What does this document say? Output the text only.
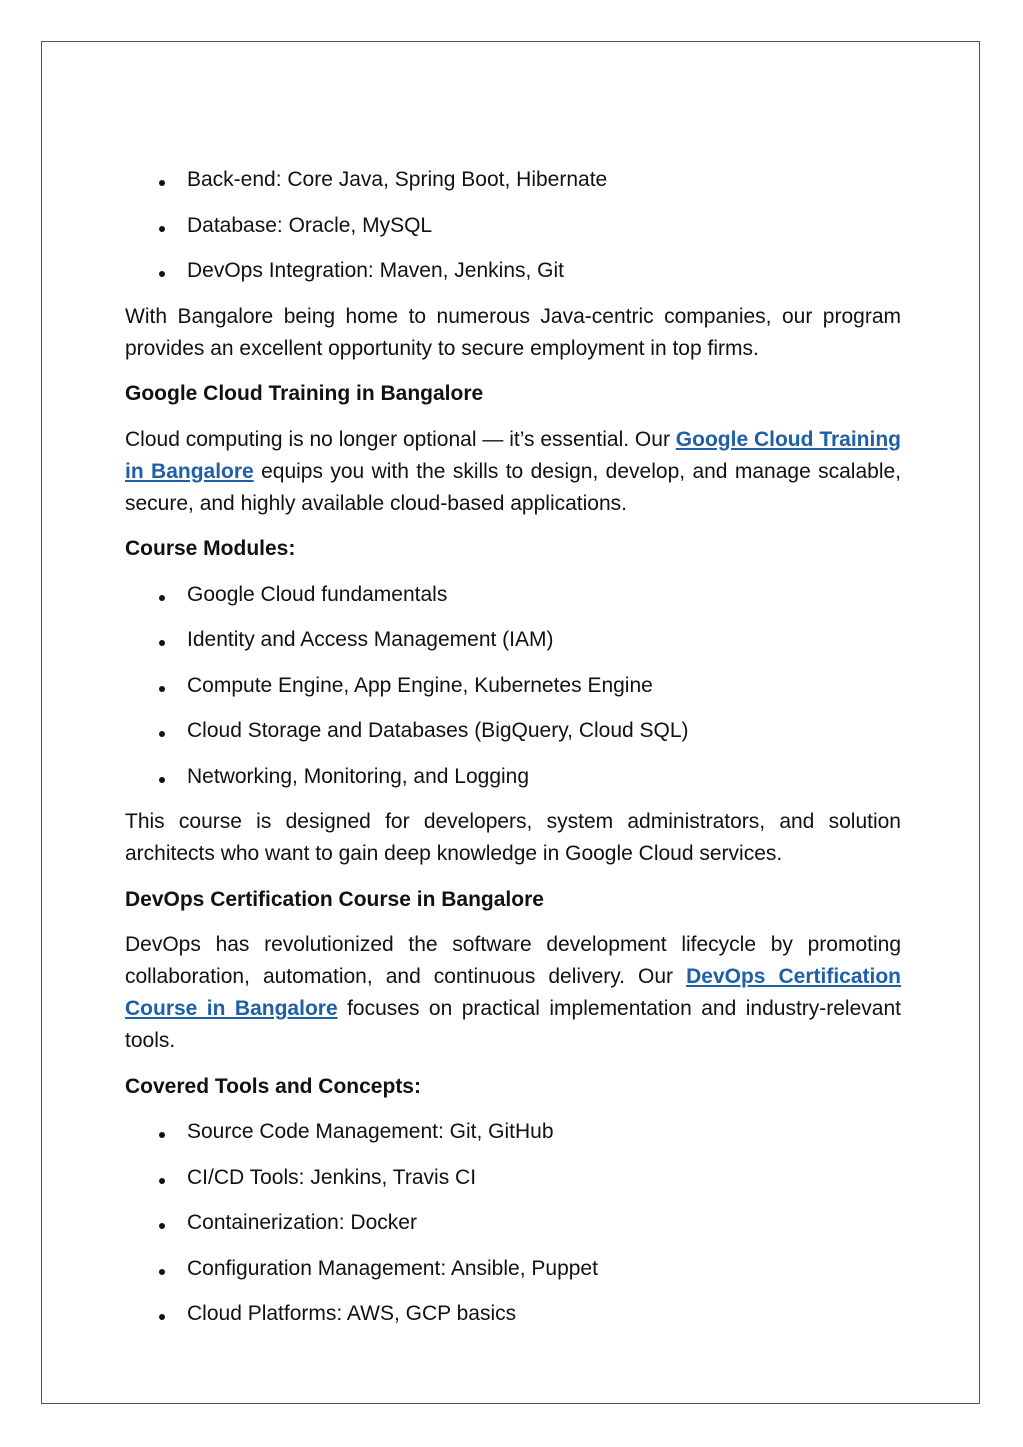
Back-end: Core Java, Spring Boot, Hibernate
Database: Oracle, MySQL
DevOps Integration: Maven, Jenkins, Git

With Bangalore being home to numerous Java-centric companies, our program provides an excellent opportunity to secure employment in top firms.

Google Cloud Training in Bangalore

Cloud computing is no longer optional — it’s essential. Our Google Cloud Training in Bangalore equips you with the skills to design, develop, and manage scalable, secure, and highly available cloud-based applications.

Course Modules:
Google Cloud fundamentals
Identity and Access Management (IAM)
Compute Engine, App Engine, Kubernetes Engine
Cloud Storage and Databases (BigQuery, Cloud SQL)
Networking, Monitoring, and Logging

This course is designed for developers, system administrators, and solution architects who want to gain deep knowledge in Google Cloud services.

DevOps Certification Course in Bangalore

DevOps has revolutionized the software development lifecycle by promoting collaboration, automation, and continuous delivery. Our DevOps Certification Course in Bangalore focuses on practical implementation and industry-relevant tools.

Covered Tools and Concepts:
Source Code Management: Git, GitHub
CI/CD Tools: Jenkins, Travis CI
Containerization: Docker
Configuration Management: Ansible, Puppet
Cloud Platforms: AWS, GCP basics
